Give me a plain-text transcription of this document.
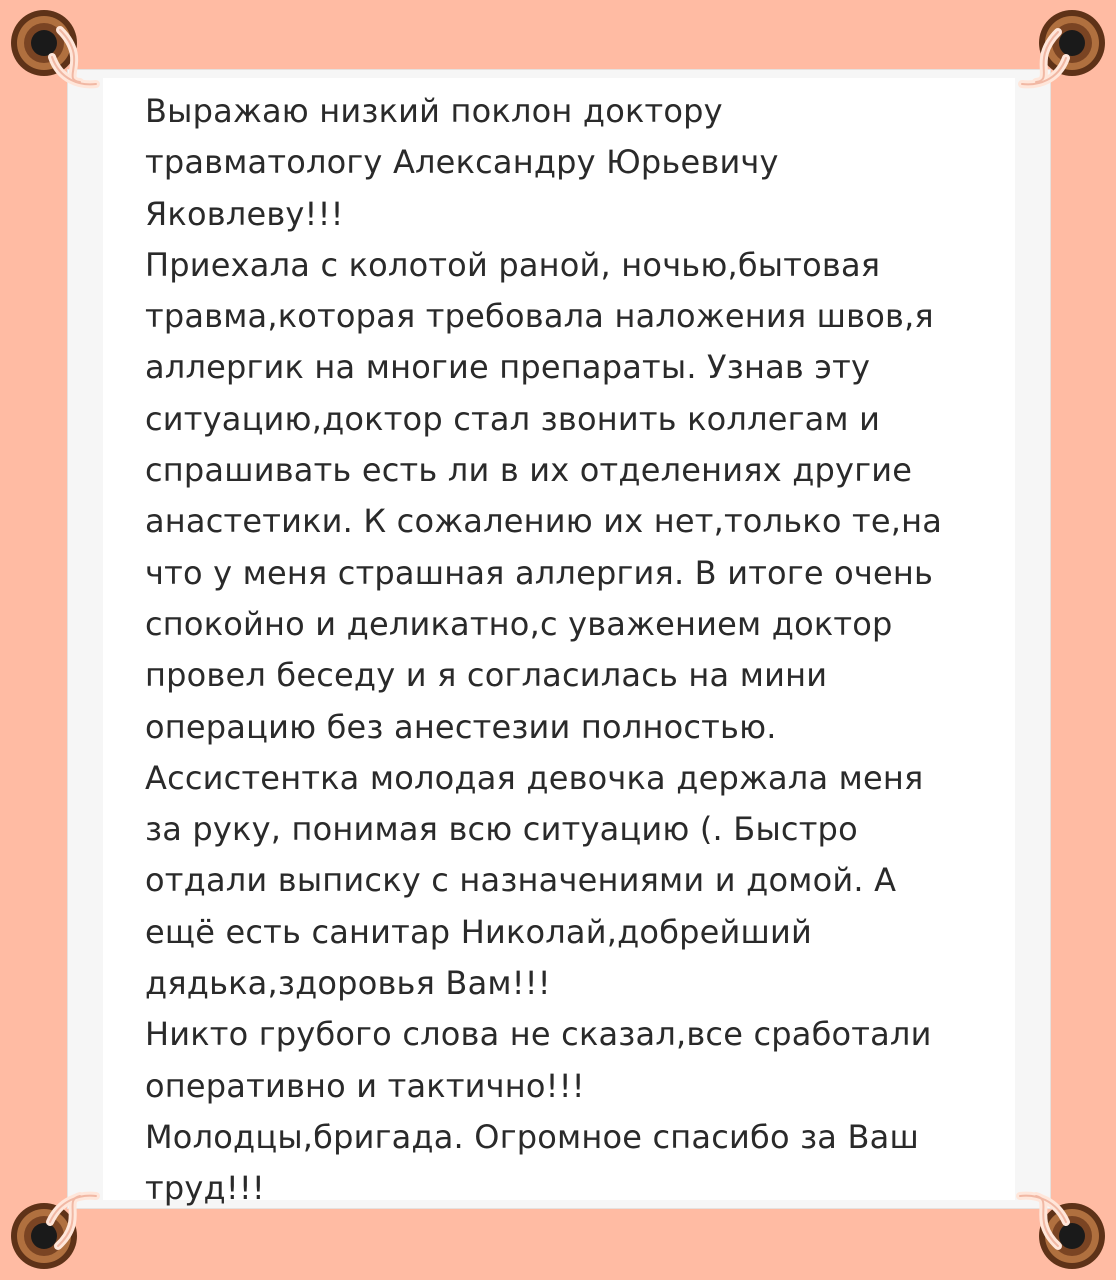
Выражаю низкий поклон доктору
травматологу Александру Юрьевичу
Яковлеву!!!
Приехала с колотой раной, ночью,бытовая
травма,которая требовала наложения швов,я
аллергик на многие препараты. Узнав эту
ситуацию,доктор стал звонить коллегам и
спрашивать есть ли в их отделениях другие
анастетики. К сожалению их нет,только те,на
что у меня страшная аллергия. В итоге очень
спокойно и деликатно,с уважением доктор
провел беседу и я согласилась на мини
операцию без анестезии полностью.
Ассистентка молодая девочка держала меня
за руку, понимая всю ситуацию (. Быстро
отдали выписку с назначениями и домой. А
ещё есть санитар Николай,добрейший
дядька,здоровья Вам!!!
Никто грубого слова не сказал,все сработали
оперативно и тактично!!!
Молодцы,бригада. Огромное спасибо за Ваш
труд!!!
